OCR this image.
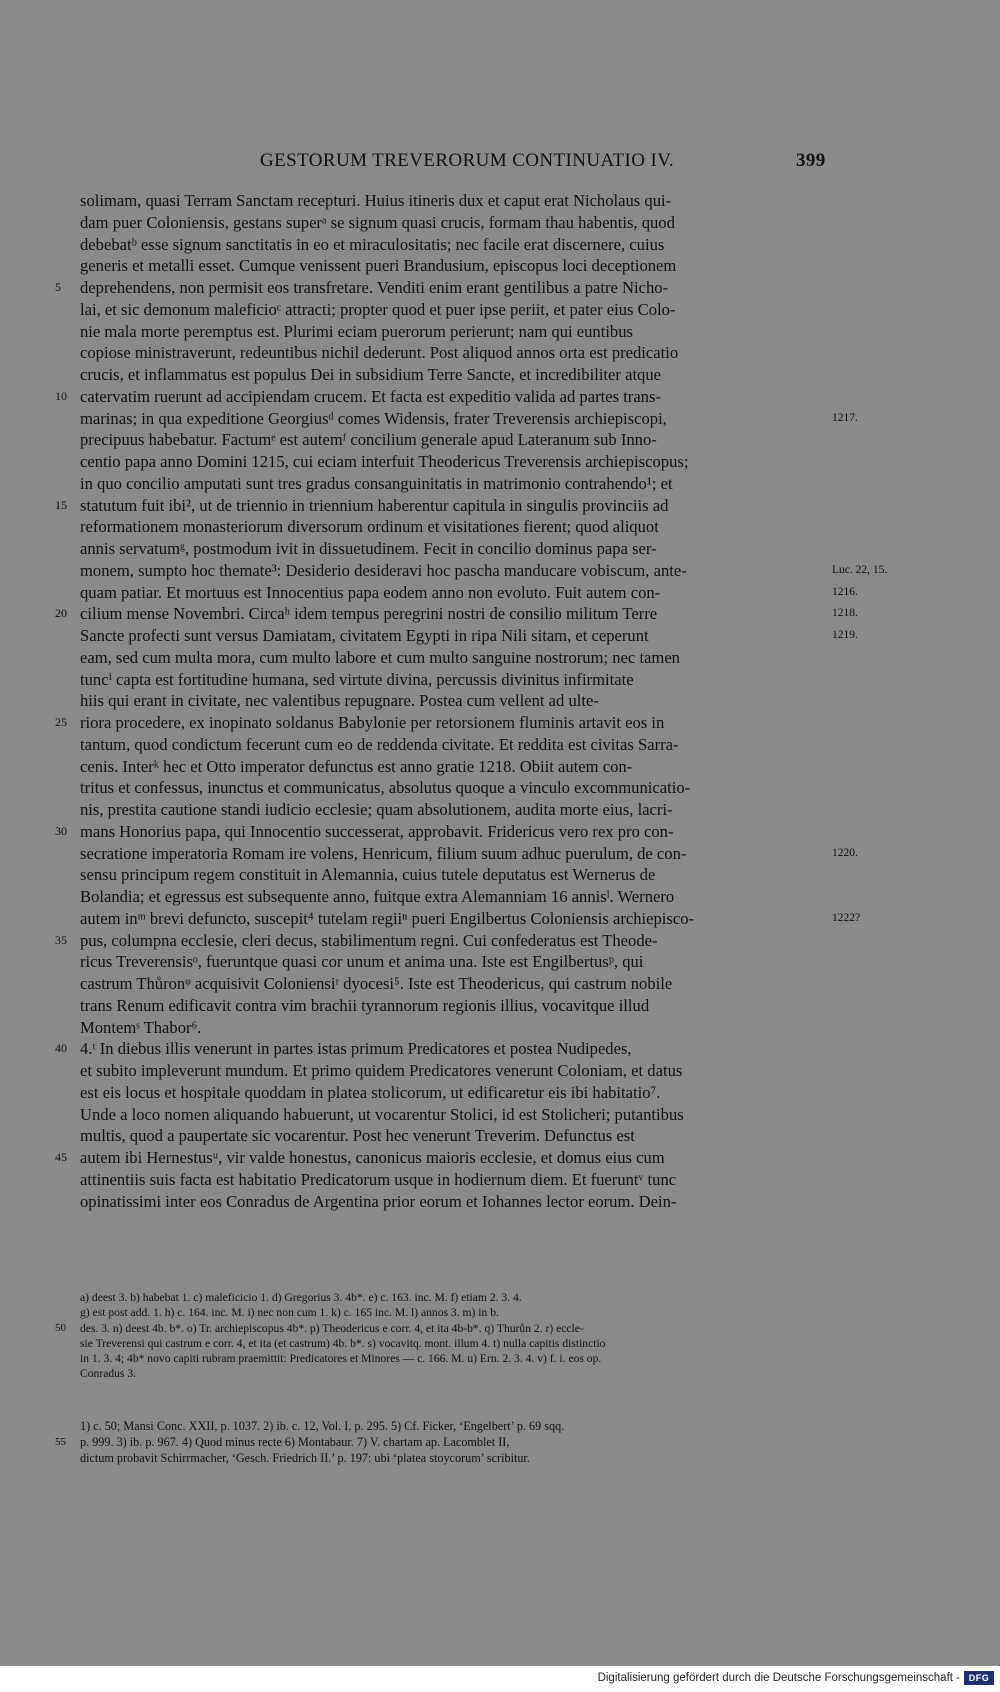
GESTORUM TREVERORUM CONTINUATIO IV.	399
solimam, quasi Terram Sanctam recepturi. Huius itineris dux et caput erat Nicholaus qui-
dam puer Coloniensis, gestans superᵃ se signum quasi crucis, formam thau habentis, quod
debebatᵇ esse signum sanctitatis in eo et miraculositatis; nec facile erat discernere, cuius
generis et metalli esset. Cumque venissent pueri Brandusium, episcopus loci deceptionem
5	deprehendens, non permisit eos transfretare. Venditi enim erant gentilibus a patre Nicho-
lai, et sic demonum maleficioᶜ attracti; propter quod et puer ipse periit, et pater eius Colo-
nie mala morte peremptus est. Plurimi eciam puerorum perierunt; nam qui euntibus
copiose ministraverunt, redeuntibus nichil dederunt. Post aliquod annos orta est predicatio
crucis, et inflammatus est populus Dei in subsidium Terre Sancte, et incredibiliter atque
10 catervatim ruerunt ad accipiendam crucem. Et facta est expeditio valida ad partes trans-
marinas; in qua expeditione Georgiusᵈ comes Widensis, frater Treverensis archiepiscopi,	1217.
precipuus habebatur. Factumᵉ est autemᶠ concilium generale apud Lateranum sub Inno-
centio papa anno Domini 1215, cui eciam interfuit Theodericus Treverensis archiepiscopus;
in quo concilio amputati sunt tres gradus consanguinitatis in matrimonio contrahendo¹; et
15 statutum fuit ibi², ut de triennio in triennium haberentur capitula in singulis provinciis ad
reformationem monasteriorum diversorum ordinum et visitationes fierent; quod aliquot
annis servatumᵍ, postmodum ivit in dissuetudinem. Fecit in concilio dominus papa ser-
monem, sumpto hoc themate³: Desiderio desideravi hoc pascha manducare vobiscum, ante-	Luc. 22, 15.
quam patiar. Et mortuus est Innocentius papa eodem anno non evoluto. Fuit autem con-	1216.
20 cilium mense Novembri. Circaʰ idem tempus peregrini nostri de consilio militum Terre	1218.
Sancte profecti sunt versus Damiatam, civitatem Egypti in ripa Nili sitam, et ceperunt	1219.
eam, sed cum multa mora, cum multo labore et cum multo sanguine nostrorum; nec tamen
tuncⁱ capta est fortitudine humana, sed virtute divina, percussis divinitus infirmitate
hiis qui erant in civitate, nec valentibus repugnare. Postea cum vellent ad ulte-
25 riora procedere, ex inopinato soldanus Babylonie per retorsionem fluminis artavit eos in
tantum, quod condictum fecerunt cum eo de reddenda civitate. Et reddita est civitas Sarra-
cenis. Interᵏ hec et Otto imperator defunctus est anno gratie 1218. Obiit autem con-
tritus et confessus, inunctus et communicatus, absolutus quoque a vinculo excommunicatio-
nis, prestita cautione standi iudicio ecclesie; quam absolutionem, audita morte eius, lacri-
30 mans Honorius papa, qui Innocentio successerat, approbavit. Fridericus vero rex pro con-
secratione imperatoria Romam ire volens, Henricum, filium suum adhuc puerulum, de con-	1220.
sensu principum regem constituit in Alemannia, cuius tutele deputatus est Wernerus de
Bolandia; et egressus est subsequente anno, fuitque extra Alemanniam 16 annisˡ. Wernero
autem inᵐ brevi defuncto, suscepit⁴ tutelam regiiⁿ pueri Engilbertus Coloniensis archiepisco-	1222?
35 pus, columpna ecclesie, cleri decus, stabilimentum regni. Cui confederatus est Theode-
ricus Treverensisᵒ, fueruntque quasi cor unum et anima una. Iste est Engilbertusᵖ, qui
castrum Thůronᵠ acquisivit Coloniensiʳ dyocesi⁵. Iste est Theodericus, qui castrum nobile
trans Renum edificavit contra vim brachii tyrannorum regionis illius, vocavitque illud
Montemˢ Thabor⁶.
40 4.ᵗ In diebus illis venerunt in partes istas primum Predicatores et postea Nudipedes,
et subito impleverunt mundum. Et primo quidem Predicatores venerunt Coloniam, et datus
est eis locus et hospitale quoddam in platea stolicorum, ut edificaretur eis ibi habitatio⁷.
Unde a loco nomen aliquando habuerunt, ut vocarentur Stolici, id est Stolicheri; putantibus
multis, quod a paupertate sic vocarentur. Post hec venerunt Treverim. Defunctus est
45 autem ibi Hernestusᵘ, vir valde honestus, canonicus maioris ecclesie, et domus eius cum
attinentiis suis facta est habitatio Predicatorum usque in hodiernum diem. Et fueruntᵛ tunc
opinatissimi inter eos Conradus de Argentina prior eorum et Iohannes lector eorum. Dein-
a) deest 3. b) habebat 1. c) maleficicio 1. d) Gregorius 3. 4b*. e) c. 163. inc. M. f) etiam 2. 3. 4.
g) est post add. 1. h) c. 164. inc. M. i) nec non cum 1. k) c. 165 inc. M. l) annos 3. m) in b.
50	des. 3. n) deest 4b. b*. o) Tr. archiepiscopus 4b*. p) Theodericus e corr. 4, et ita 4b-b*. q) Thurůn 2. r) eccle-
sie Treverensi qui castrum e corr. 4, et ita (et castrum) 4b. b*. s) vocavitq. mont. illum 4. t) nulla capitis distinctio
in 1. 3. 4; 4b* novo capiti rubram praemittit: Predicatores et Minores — c. 166. M. u) Ern. 2. 3. 4. v) f. i. eos op.
Conradus 3.
1) c. 50; Mansi Conc. XXII, p. 1037. 2) ib. c. 12, Vol. I, p. 295. 5) Cf. Ficker, ‘Engelbert’ p. 69 sqq.
55	p. 999. 3) ib. p. 967. 4) Quod minus recte 6) Montabaur. 7) V. chartam ap. Lacomblet II,
dictum probavit Schirrmacher, ‘Gesch. Friedrich II.’ p. 197: ubi ‘platea stoycorum’ scribitur.
Digitalisierung gefördert durch die Deutsche Forschungsgemeinschaft - DFG
